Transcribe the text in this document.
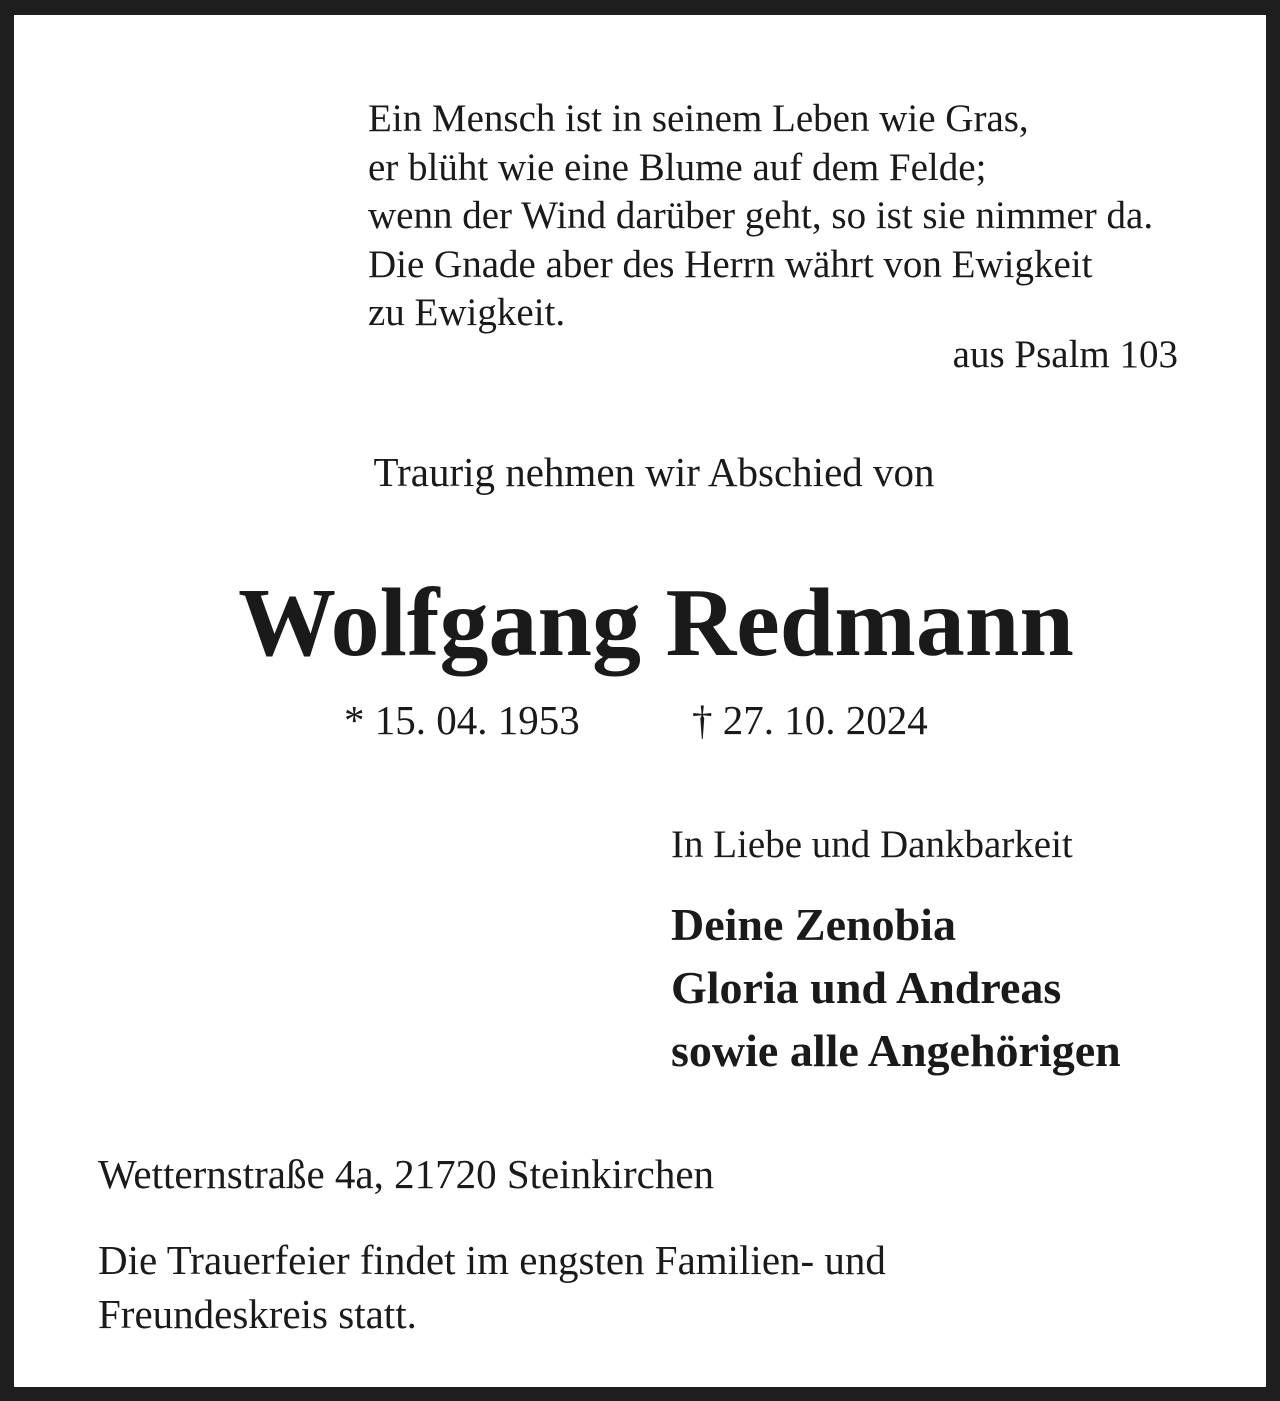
Ein Mensch ist in seinem Leben wie Gras,
er blüht wie eine Blume auf dem Felde;
wenn der Wind darüber geht, so ist sie nimmer da.
Die Gnade aber des Herrn währt von Ewigkeit
zu Ewigkeit.
aus Psalm 103
Traurig nehmen wir Abschied von
Wolfgang Redmann
* 15. 04. 1953	† 27. 10. 2024
In Liebe und Dankbarkeit
Deine Zenobia
Gloria und Andreas
sowie alle Angehörigen
Wetternstraße 4a, 21720 Steinkirchen
Die Trauerfeier findet im engsten Familien- und
Freundeskreis statt.
